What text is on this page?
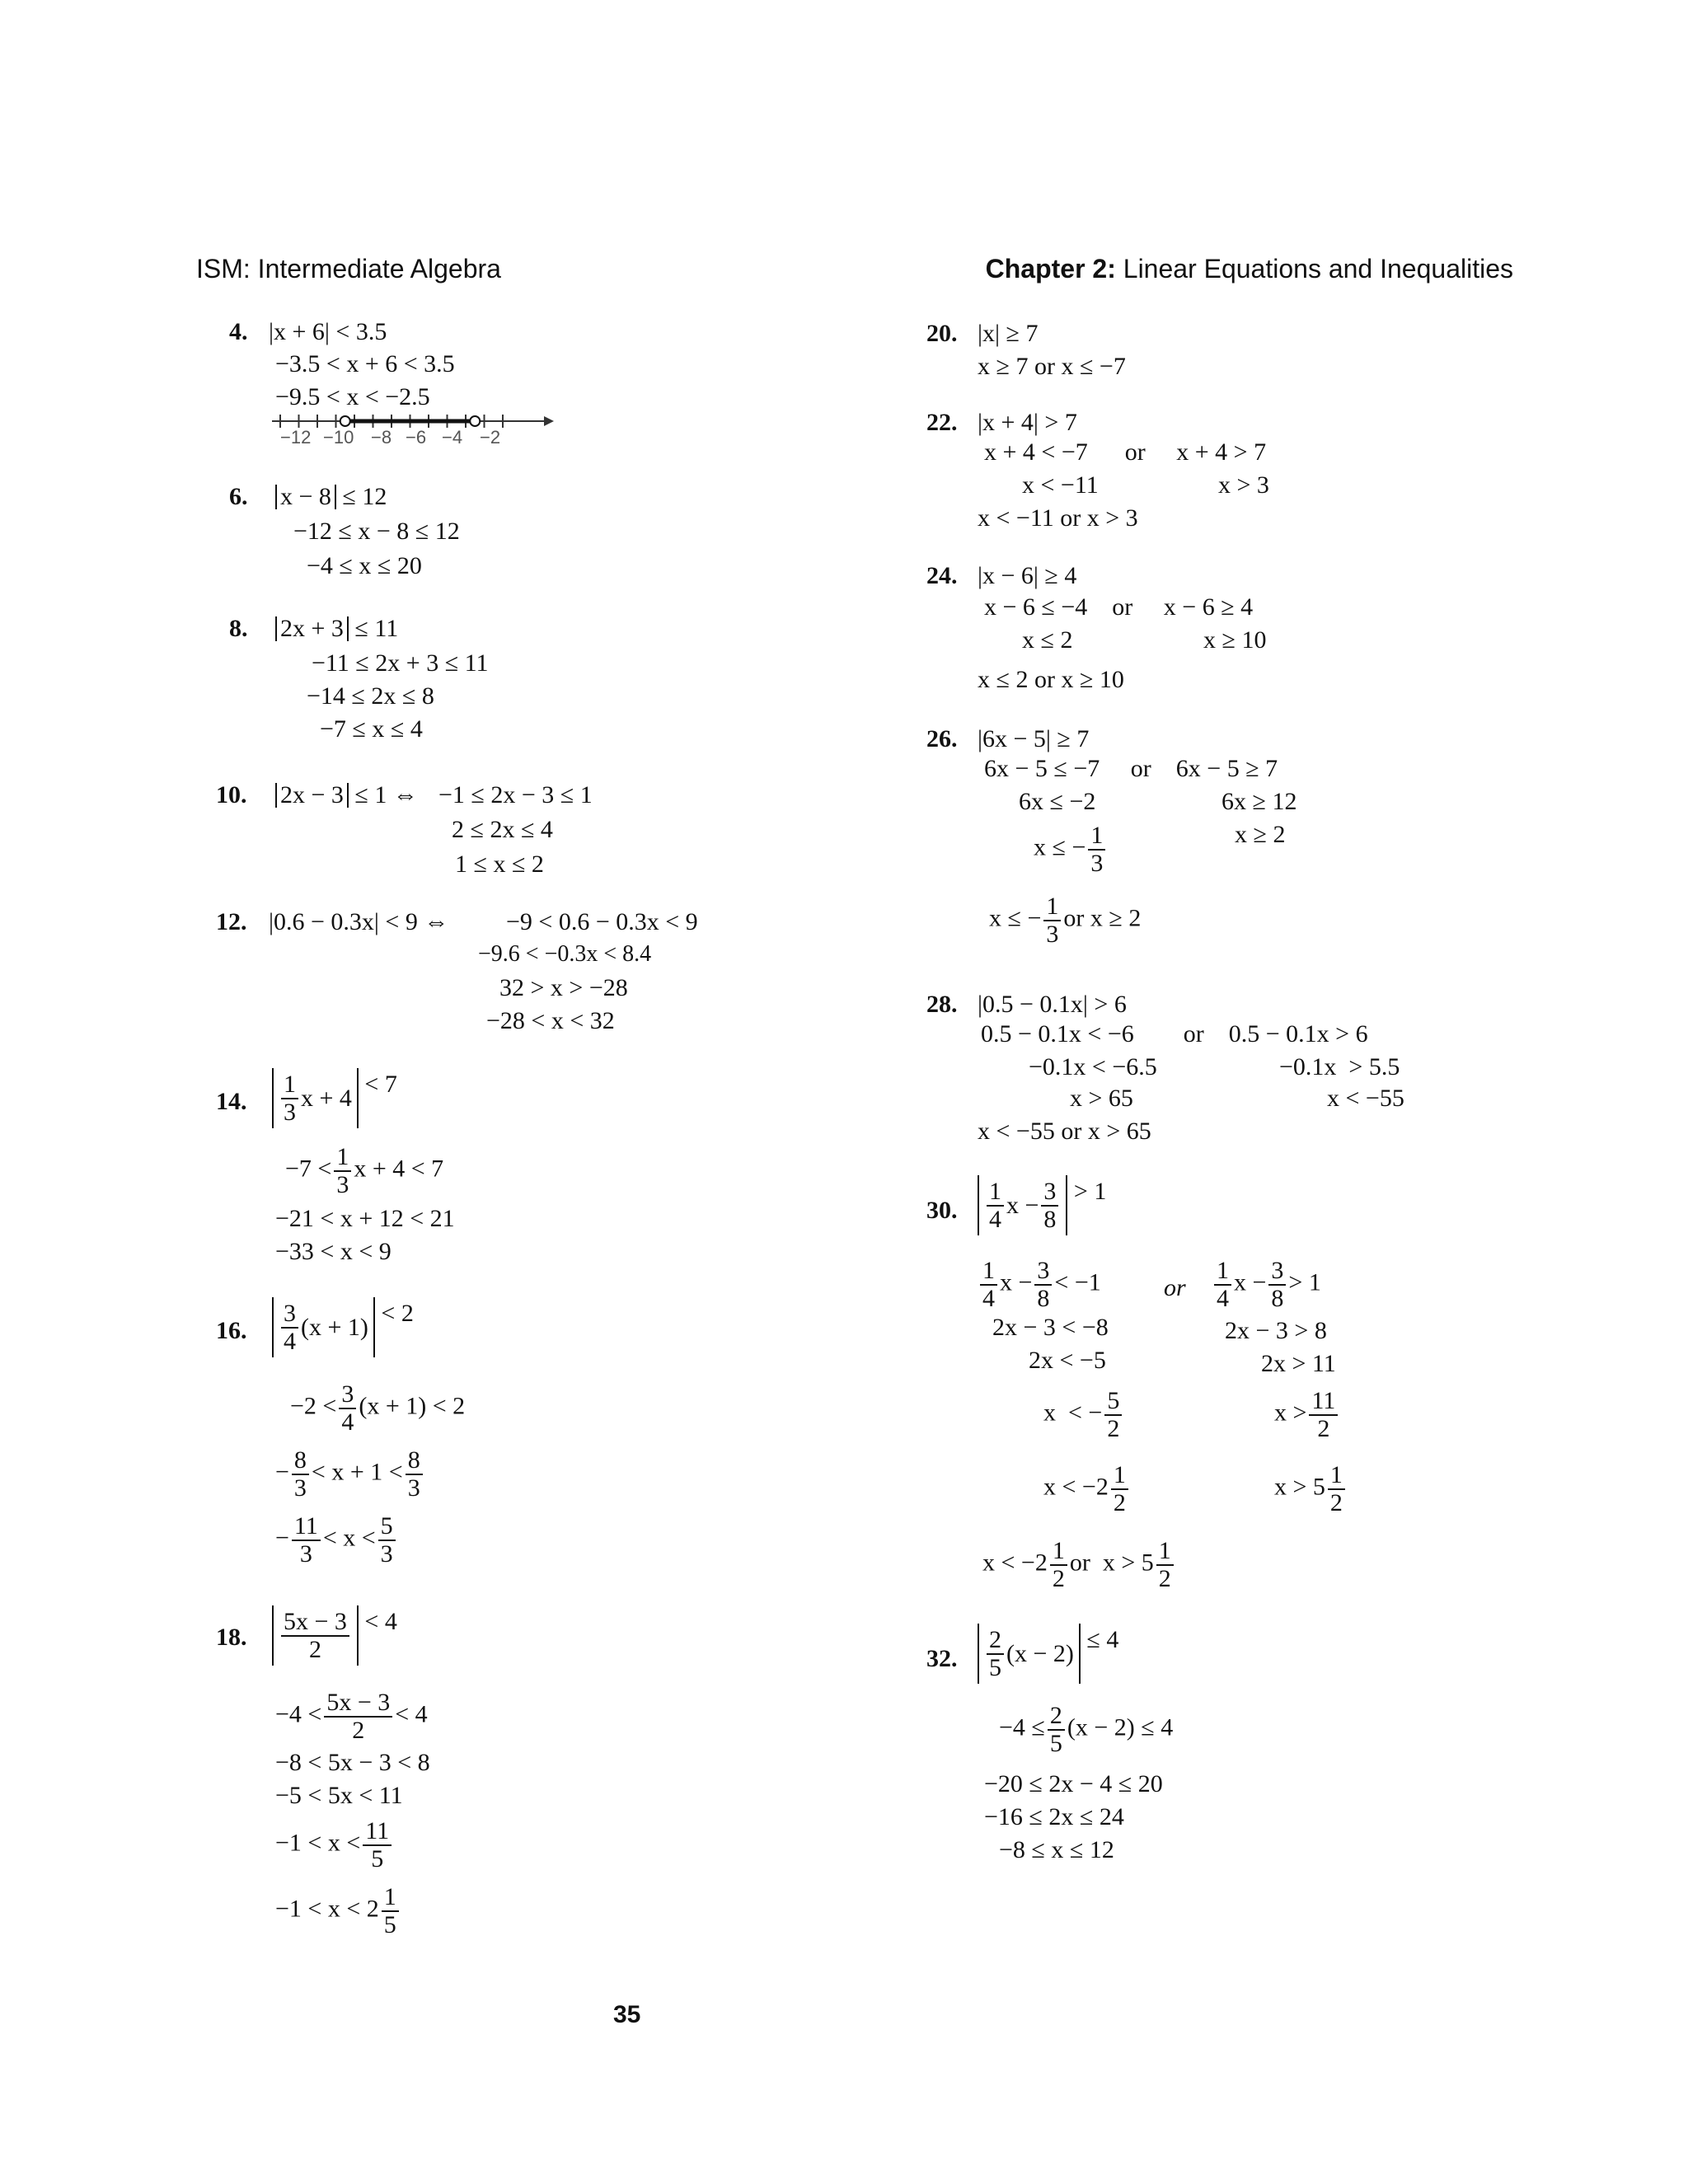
ISM: Intermediate Algebra	Chapter 2: Linear Equations and Inequalities
4. |x + 6| < 3.5
−3.5 < x + 6 < 3.5
−9.5 < x < −2.5
−12 −10 −8 −6 −4 −2
6. x − 8 ≤ 12
−12 ≤ x − 8 ≤ 12
−4 ≤ x ≤ 20
8. 2x + 3 ≤ 11
−11 ≤ 2x + 3 ≤ 11
−14 ≤ 2x ≤ 8
−7 ≤ x ≤ 4
10. 2x − 3 ≤ 1 ⇔ −1 ≤ 2x − 3 ≤ 1
2 ≤ 2x ≤ 4
1 ≤ x ≤ 2
12. |0.6 − 0.3x| < 9 ⇔ −9 < 0.6 − 0.3x < 9
−9.6 < −0.3x < 8.4
32 > x > −28
−28 < x < 32
14. $\frac{1}{3}$ x + 4 < 7
$-7 < \frac{1}{3}$ x + 4 < 7
−21 < x + 12 < 21
−33 < x < 9
16. $\frac{3}{4} (x + 1) < 2$
$-2 < \frac{3}{4} (x + 1) < 2$
− $\frac{8}{3} < x + 1 < \frac{8}{3}$
− $\frac{11}{3} < x < \frac{5}{3}$
18. $\frac{5x - 3}{2} < 4$
$-4 < \frac{5x - 3}{2} < 4$
−8 < 5x − 3 < 8
−5 < 5x < 11
$-1 < x < \frac{11}{5}$
$-1 < x < 2 \frac{1}{5}$
20. |x| ≥ 7
x ≥ 7 or x ≤ −7
22. |x + 4| > 7
x + 4 < −7      or     x + 4 > 7
x < −11	x > 3
x < −11 or x > 3
24. |x − 6| ≥ 4
x − 6 ≤ −4    or     x − 6 ≥ 4
x ≤ 2	x ≥ 10
x ≤ 2 or x ≥ 10
26. |6x − 5| ≥ 7
6x − 5 ≤ −7     or    6x − 5 ≥ 7
6x ≤ −2	6x ≥ 12
x ≤ − $\frac{1}{3}$	x ≥ 2
x ≤ − $\frac{1}{3}$ or x ≥ 2
28. |0.5 − 0.1x| > 6
0.5 − 0.1x < −6        or    0.5 − 0.1x > 6
−0.1x < −6.5	−0.1x  > 5.5
x > 65	x < −55
x < −55 or x > 65
30. $\frac{1}{4}$ $x - \frac{3}{8} > 1$
$\frac{1}{4}$ $x - \frac{3}{8} < -1$	or $\frac{1}{4}$ $x - \frac{3}{8} > 1$
2x − 3 < −8	2x − 3 > 8
2x < −5	2x > 11
x  < − $\frac{5}{2}$	$x > \frac{11}{2}$
$x < -2 \frac{1}{2}$	$x > 5 \frac{1}{2}$
$x < -2 \frac{1}{2}$ or  $x > 5 \frac{1}{2}$
32. $\frac{2}{5} (x - 2) \le 4$
$-4 \le \frac{2}{5} (x - 2) \le 4$
−20 ≤ 2x − 4 ≤ 20
−16 ≤ 2x ≤ 24
−8 ≤ x ≤ 12
35
